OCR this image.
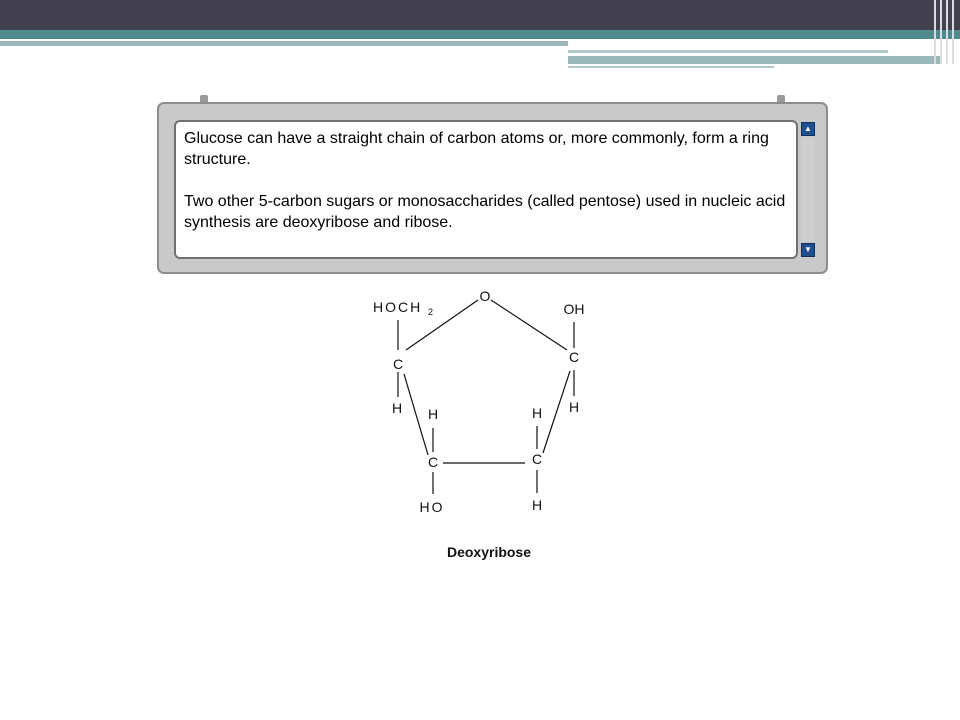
Glucose can have a straight chain of carbon atoms or, more commonly, form a ring structure.

Two other 5-carbon sugars or monosaccharides (called pentose) used in nucleic acid synthesis are deoxyribose and ribose.

▲
▼
O
HOCH 2	OH
C	C
H H	H H
C	C
HO	H
Deoxyribose
